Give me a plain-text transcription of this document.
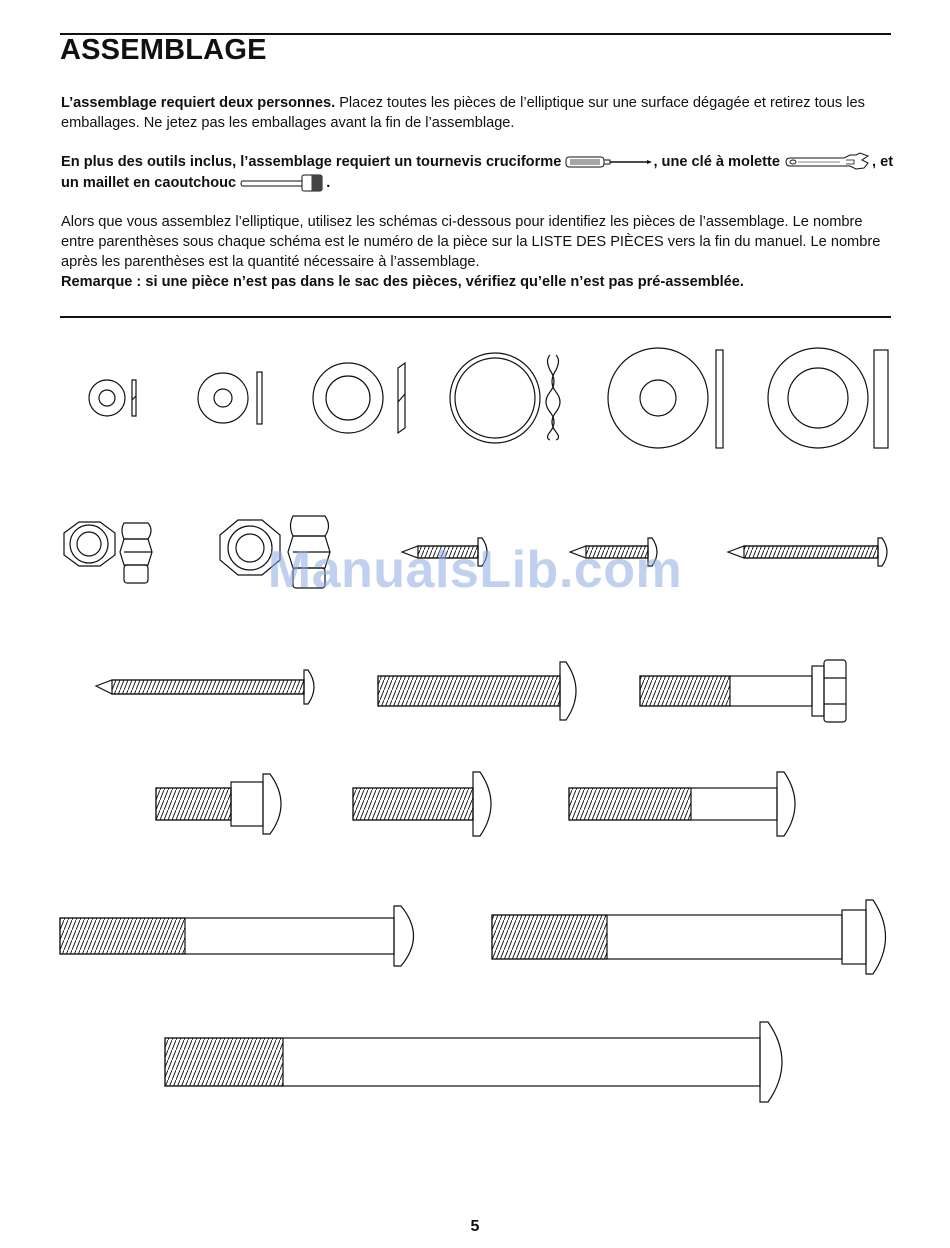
ASSEMBLAGE

L’assemblage requiert deux personnes. Placez toutes les pièces de l’elliptique sur une surface dégagée et retirez tous les emballages. Ne jetez pas les emballages avant la fin de l’assemblage.

En plus des outils inclus, l’assemblage requiert un tournevis cruciforme	, une clé à molette	, et un maillet en caoutchouc	.

Alors que vous assemblez l’elliptique, utilisez les schémas ci-dessous pour identifiez les pièces de l’assemblage. Le nombre entre parenthèses sous chaque schéma est le numéro de la pièce sur la LISTE DES PIÈCES vers la fin du manuel. Le nombre après les parenthèses est la quantité nécessaire à l’assemblage.
Remarque : si une pièce n’est pas dans le sac des pièces, vérifiez qu’elle n’est pas pré-assemblée.

ManualsLib.com
5
